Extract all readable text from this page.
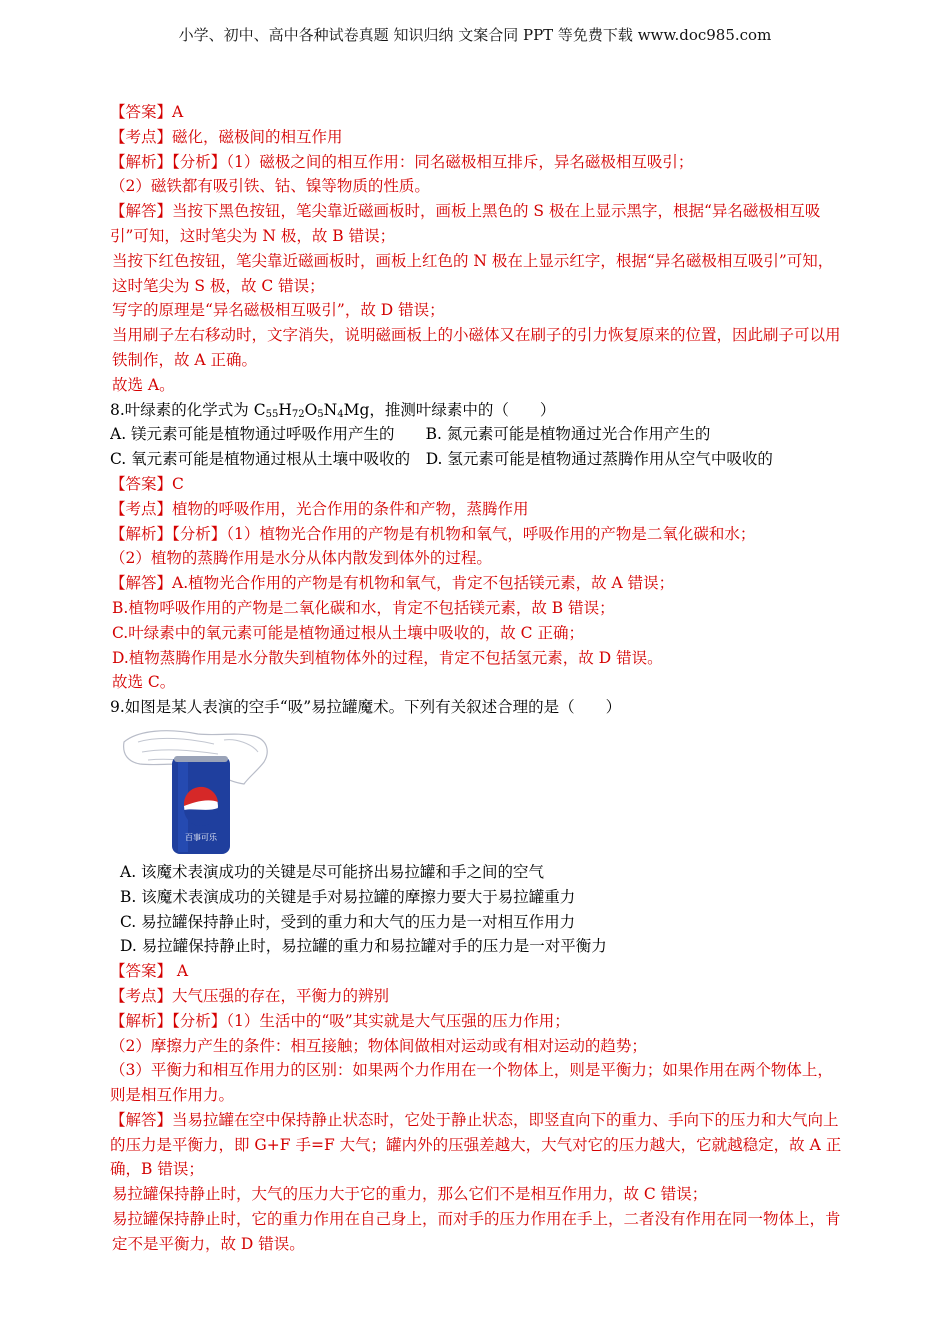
小学、初中、高中各种试卷真题 知识归纳 文案合同 PPT 等免费下载 www.doc985.com
【答案】A
【考点】磁化，磁极间的相互作用
【解析】【分析】（1）磁极之间的相互作用：同名磁极相互排斥，异名磁极相互吸引；
（2）磁铁都有吸引铁、钴、镍等物质的性质。
【解答】当按下黑色按钮，笔尖靠近磁画板时，画板上黑色的 S 极在上显示黑字，根据“异名磁极相互吸引”可知，这时笔尖为 N 极，故 B 错误；
当按下红色按钮，笔尖靠近磁画板时，画板上红色的 N 极在上显示红字，根据“异名磁极相互吸引”可知，这时笔尖为 S 极，故 C 错误；
写字的原理是“异名磁极相互吸引”，故 D 错误；
当用刷子左右移动时，文字消失，说明磁画板上的小磁体又在刷子的引力恢复原来的位置，因此刷子可以用铁制作，故 A 正确。
故选 A。
8.叶绿素的化学式为 $C_{55}H_{72}O_5N_4Mg$，推测叶绿素中的（　　）
A. 镁元素可能是植物通过呼吸作用产生的　　 B. 氮元素可能是植物通过光合作用产生的
C. 氧元素可能是植物通过根从土壤中吸收的　 D. 氢元素可能是植物通过蒸腾作用从空气中吸收的
【答案】C
【考点】植物的呼吸作用，光合作用的条件和产物，蒸腾作用
【解析】【分析】（1）植物光合作用的产物是有机物和氧气，呼吸作用的产物是二氧化碳和水；
（2）植物的蒸腾作用是水分从体内散发到体外的过程。
【解答】A.植物光合作用的产物是有机物和氧气，肯定不包括镁元素，故 A 错误；
B.植物呼吸作用的产物是二氧化碳和水，肯定不包括镁元素，故 B 错误；
C.叶绿素中的氧元素可能是植物通过根从土壤中吸收的，故 C 正确；
D.植物蒸腾作用是水分散失到植物体外的过程，肯定不包括氢元素，故 D 错误。
故选 C。
9.如图是某人表演的空手“吸”易拉罐魔术。下列有关叙述合理的是（　　）
百事可乐
A. 该魔术表演成功的关键是尽可能挤出易拉罐和手之间的空气
B. 该魔术表演成功的关键是手对易拉罐的摩擦力要大于易拉罐重力
C. 易拉罐保持静止时，受到的重力和大气的压力是一对相互作用力
D. 易拉罐保持静止时，易拉罐的重力和易拉罐对手的压力是一对平衡力
【答案】 A
【考点】大气压强的存在，平衡力的辨别
【解析】【分析】（1）生活中的“吸”其实就是大气压强的压力作用；
（2）摩擦力产生的条件：相互接触；物体间做相对运动或有相对运动的趋势；
（3）平衡力和相互作用力的区别：如果两个力作用在一个物体上，则是平衡力；如果作用在两个物体上，则是相互作用力。
【解答】当易拉罐在空中保持静止状态时，它处于静止状态，即竖直向下的重力、手向下的压力和大气向上的压力是平衡力，即 G+F 手=F 大气；罐内外的压强差越大，大气对它的压力越大，它就越稳定，故 A 正确，B 错误；
易拉罐保持静止时，大气的压力大于它的重力，那么它们不是相互作用力，故 C 错误；
易拉罐保持静止时，它的重力作用在自己身上，而对手的压力作用在手上，二者没有作用在同一物体上，肯定不是平衡力，故 D 错误。
